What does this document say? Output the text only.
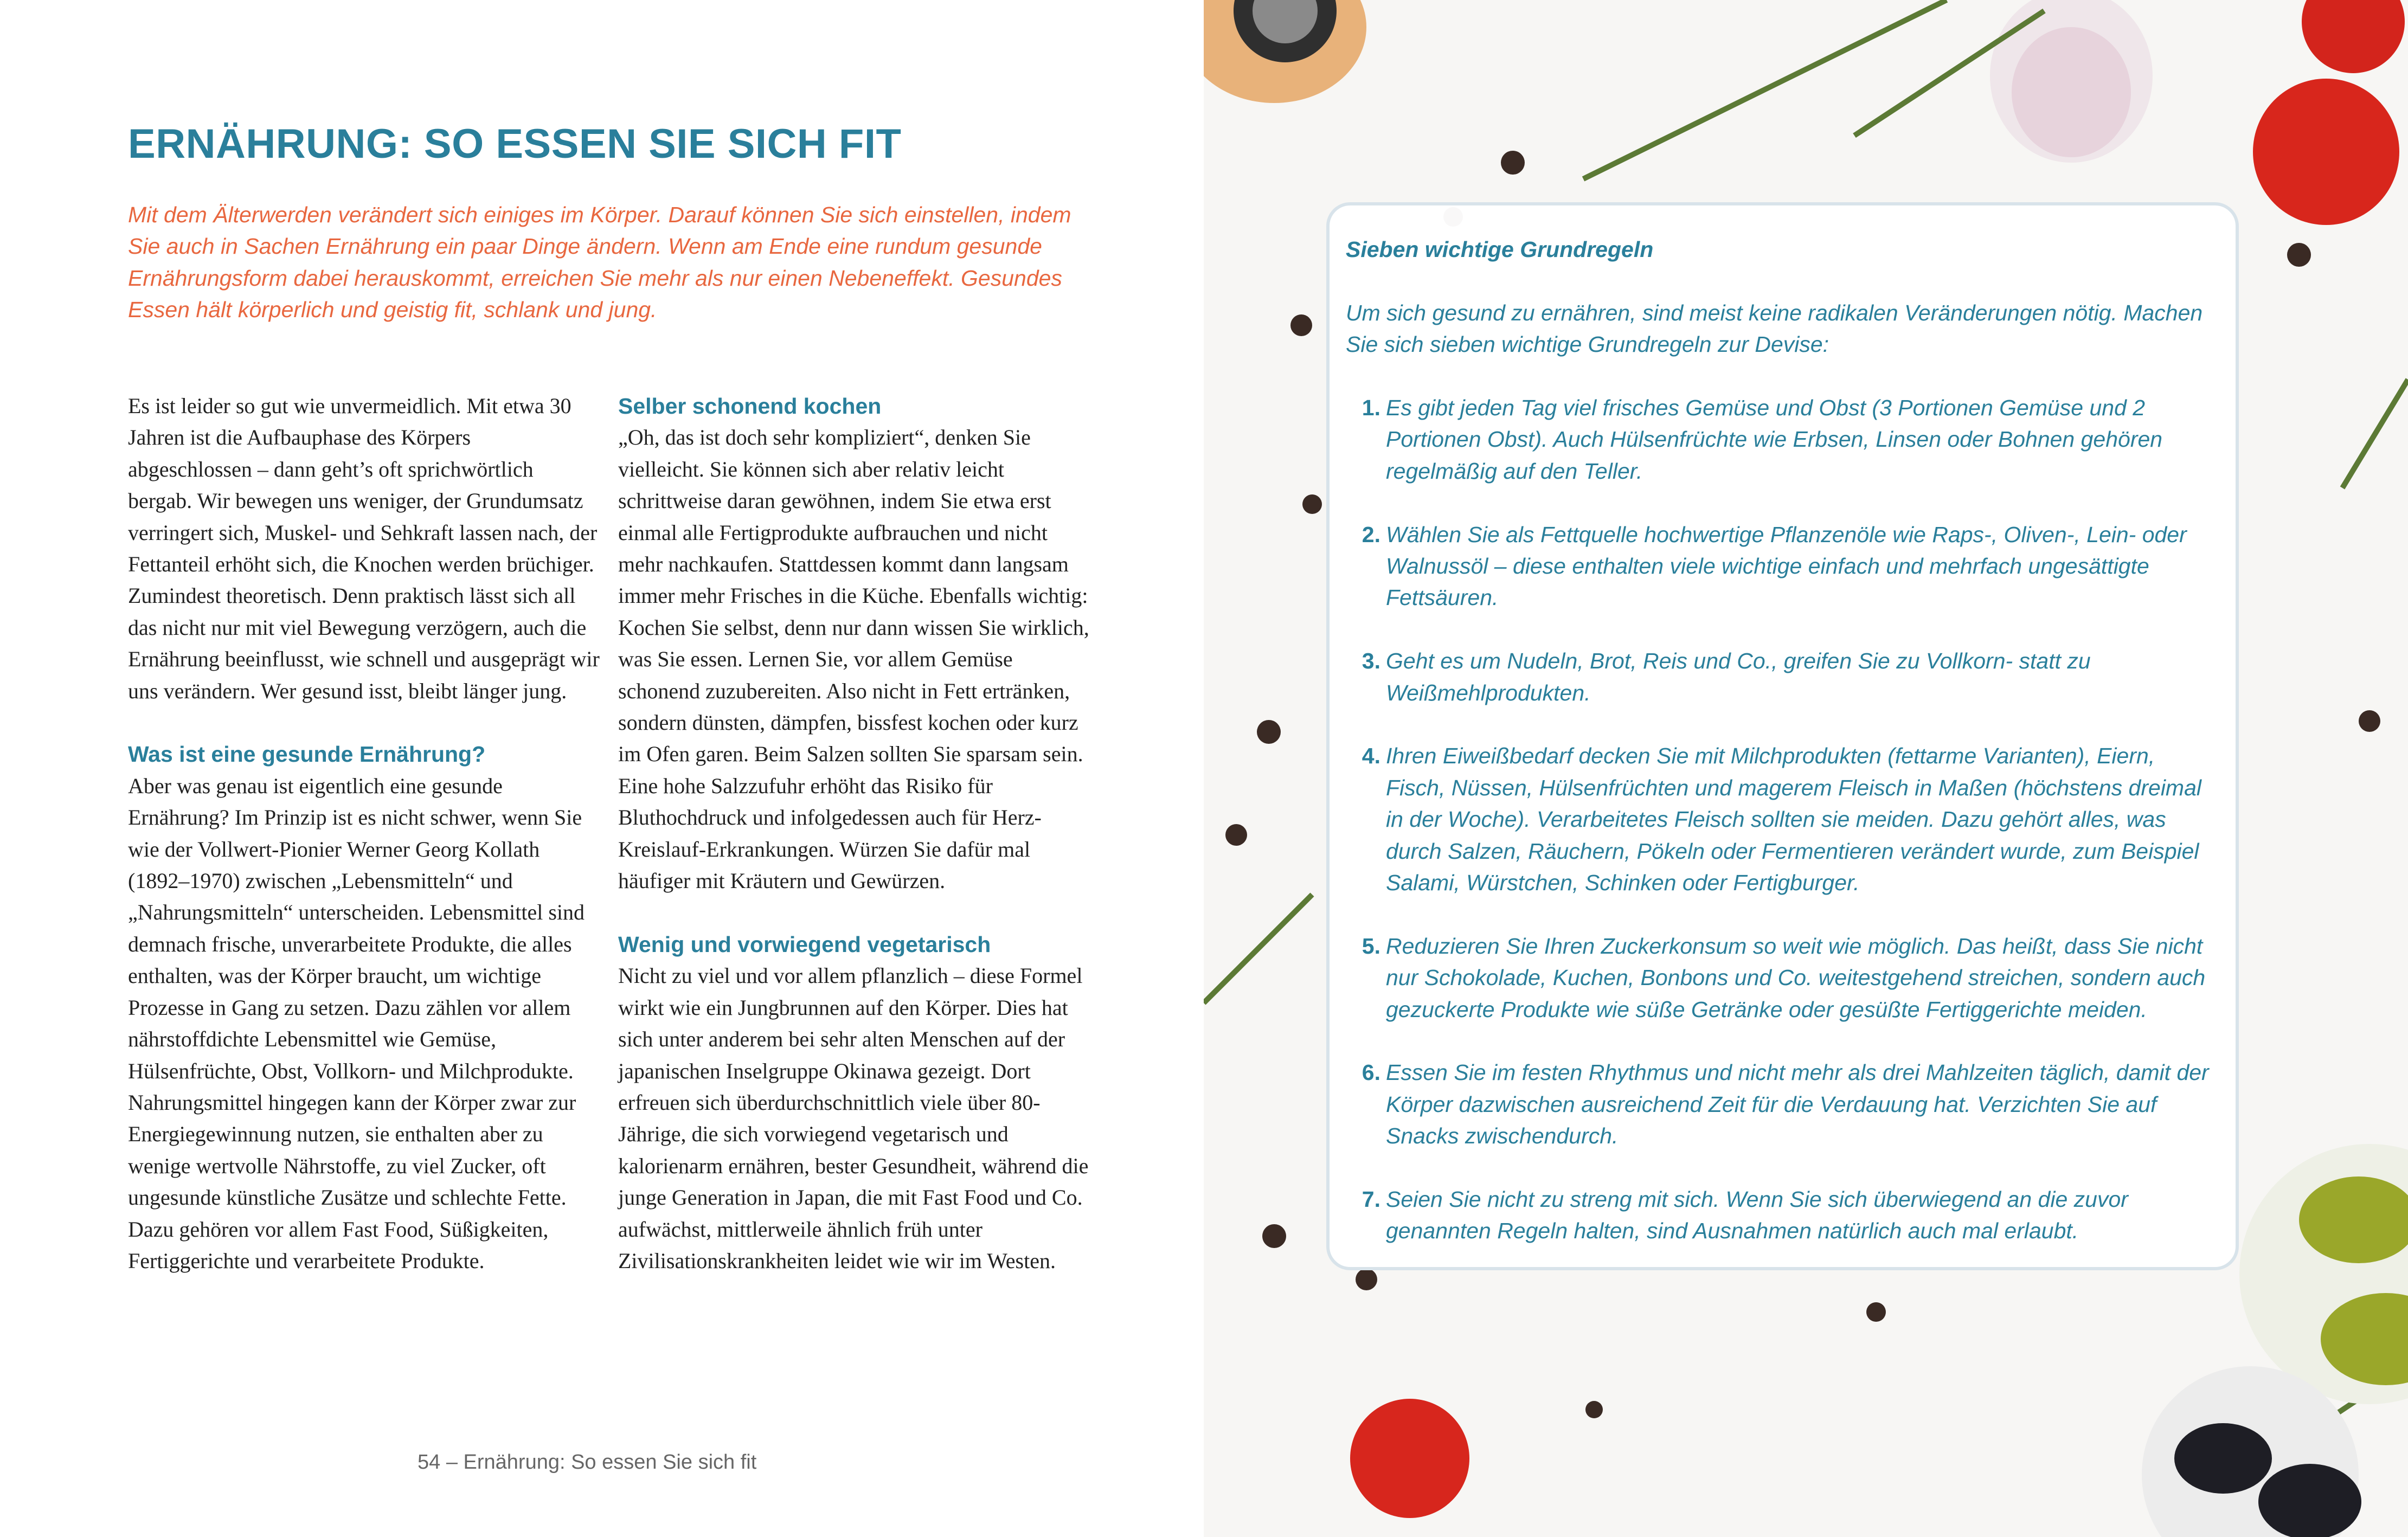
ERNÄHRUNG: SO ESSEN SIE SICH FIT

Mit dem Älterwerden verändert sich einiges im Körper. Darauf können Sie sich einstellen, indem Sie auch in Sachen Ernährung ein paar Dinge ändern. Wenn am Ende eine rundum gesunde Ernährungsform dabei herauskommt, erreichen Sie mehr als nur einen Nebeneffekt. Gesundes Essen hält körperlich und geistig fit, schlank und jung.

Es ist leider so gut wie unvermeidlich. Mit etwa 30 Jahren ist die Aufbauphase des Körpers abgeschlossen – dann geht’s oft sprichwörtlich bergab. Wir bewegen uns weniger, der Grundumsatz verringert sich, Muskel- und Sehkraft lassen nach, der Fettanteil erhöht sich, die Knochen werden brüchiger. Zumindest theoretisch. Denn praktisch lässt sich all das nicht nur mit viel Bewegung verzögern, auch die Ernährung beeinflusst, wie schnell und ausgeprägt wir uns verändern. Wer gesund isst, bleibt länger jung.

Was ist eine gesunde Ernährung?

Aber was genau ist eigentlich eine gesunde Ernährung? Im Prinzip ist es nicht schwer, wenn Sie wie der Vollwert-Pionier Werner Georg Kollath (1892–1970) zwischen „Lebensmitteln“ und „Nahrungsmitteln“ unterscheiden. Lebensmittel sind demnach frische, unverarbeitete Produkte, die alles enthalten, was der Körper braucht, um wichtige Prozesse in Gang zu setzen. Dazu zählen vor allem nährstoffdichte Lebensmittel wie Gemüse, Hülsenfrüchte, Obst, Vollkorn- und Milchprodukte. Nahrungsmittel hingegen kann der Körper zwar zur Energiegewinnung nutzen, sie enthalten aber zu wenige wertvolle Nährstoffe, zu viel Zucker, oft ungesunde künstliche Zusätze und schlechte Fette. Dazu gehören vor allem Fast Food, Süßigkeiten, Fertiggerichte und verarbeitete Produkte.

Selber schonend kochen

„Oh, das ist doch sehr kompliziert“, denken Sie vielleicht. Sie können sich aber relativ leicht schrittweise daran gewöhnen, indem Sie etwa erst einmal alle Fertigprodukte aufbrauchen und nicht mehr nachkaufen. Stattdessen kommt dann langsam immer mehr Frisches in die Küche. Ebenfalls wichtig: Kochen Sie selbst, denn nur dann wissen Sie wirklich, was Sie essen. Lernen Sie, vor allem Gemüse schonend zuzubereiten. Also nicht in Fett ertränken, sondern dünsten, dämpfen, bissfest kochen oder kurz im Ofen garen. Beim Salzen sollten Sie sparsam sein. Eine hohe Salzzufuhr erhöht das Risiko für Bluthochdruck und infolgedessen auch für Herz-Kreislauf-Erkrankungen. Würzen Sie dafür mal häufiger mit Kräutern und Gewürzen.

Wenig und vorwiegend vegetarisch

Nicht zu viel und vor allem pflanzlich – diese Formel wirkt wie ein Jungbrunnen auf den Körper. Dies hat sich unter anderem bei sehr alten Menschen auf der japanischen Inselgruppe Okinawa gezeigt. Dort erfreuen sich überdurchschnittlich viele über 80-Jährige, die sich vorwiegend vegetarisch und kalorienarm ernähren, bester Gesundheit, während die junge Generation in Japan, die mit Fast Food und Co. aufwächst, mittlerweile ähnlich früh unter Zivilisationskrankheiten leidet wie wir im Westen.

54 – Ernährung: So essen Sie sich fit

Sieben wichtige Grundregeln

Um sich gesund zu ernähren, sind meist keine radikalen Veränderungen nötig. Machen Sie sich sieben wichtige Grundregeln zur Devise:

1. Es gibt jeden Tag viel frisches Gemüse und Obst (3 Portionen Gemüse und 2 Portionen Obst). Auch Hülsenfrüchte wie Erbsen, Linsen oder Bohnen gehören regelmäßig auf den Teller.
2. Wählen Sie als Fettquelle hochwertige Pflanzenöle wie Raps-, Oliven-, Lein- oder Walnussöl – diese enthalten viele wichtige einfach und mehrfach ungesättigte Fettsäuren.
3. Geht es um Nudeln, Brot, Reis und Co., greifen Sie zu Vollkorn- statt zu Weißmehlprodukten.
4. Ihren Eiweißbedarf decken Sie mit Milchprodukten (fettarme Varianten), Eiern, Fisch, Nüssen, Hülsenfrüchten und magerem Fleisch in Maßen (höchstens dreimal in der Woche). Verarbeitetes Fleisch sollten sie meiden. Dazu gehört alles, was durch Salzen, Räuchern, Pökeln oder Fermentieren verändert wurde, zum Beispiel Salami, Würstchen, Schinken oder Fertigburger.
5. Reduzieren Sie Ihren Zuckerkonsum so weit wie möglich. Das heißt, dass Sie nicht nur Schokolade, Kuchen, Bonbons und Co. weitestgehend streichen, sondern auch gezuckerte Produkte wie süße Getränke oder gesüßte Fertiggerichte meiden.
6. Essen Sie im festen Rhythmus und nicht mehr als drei Mahlzeiten täglich, damit der Körper dazwischen ausreichend Zeit für die Verdauung hat. Verzichten Sie auf Snacks zwischendurch.
7. Seien Sie nicht zu streng mit sich. Wenn Sie sich überwiegend an die zuvor genannten Regeln halten, sind Ausnahmen natürlich auch mal erlaubt.
